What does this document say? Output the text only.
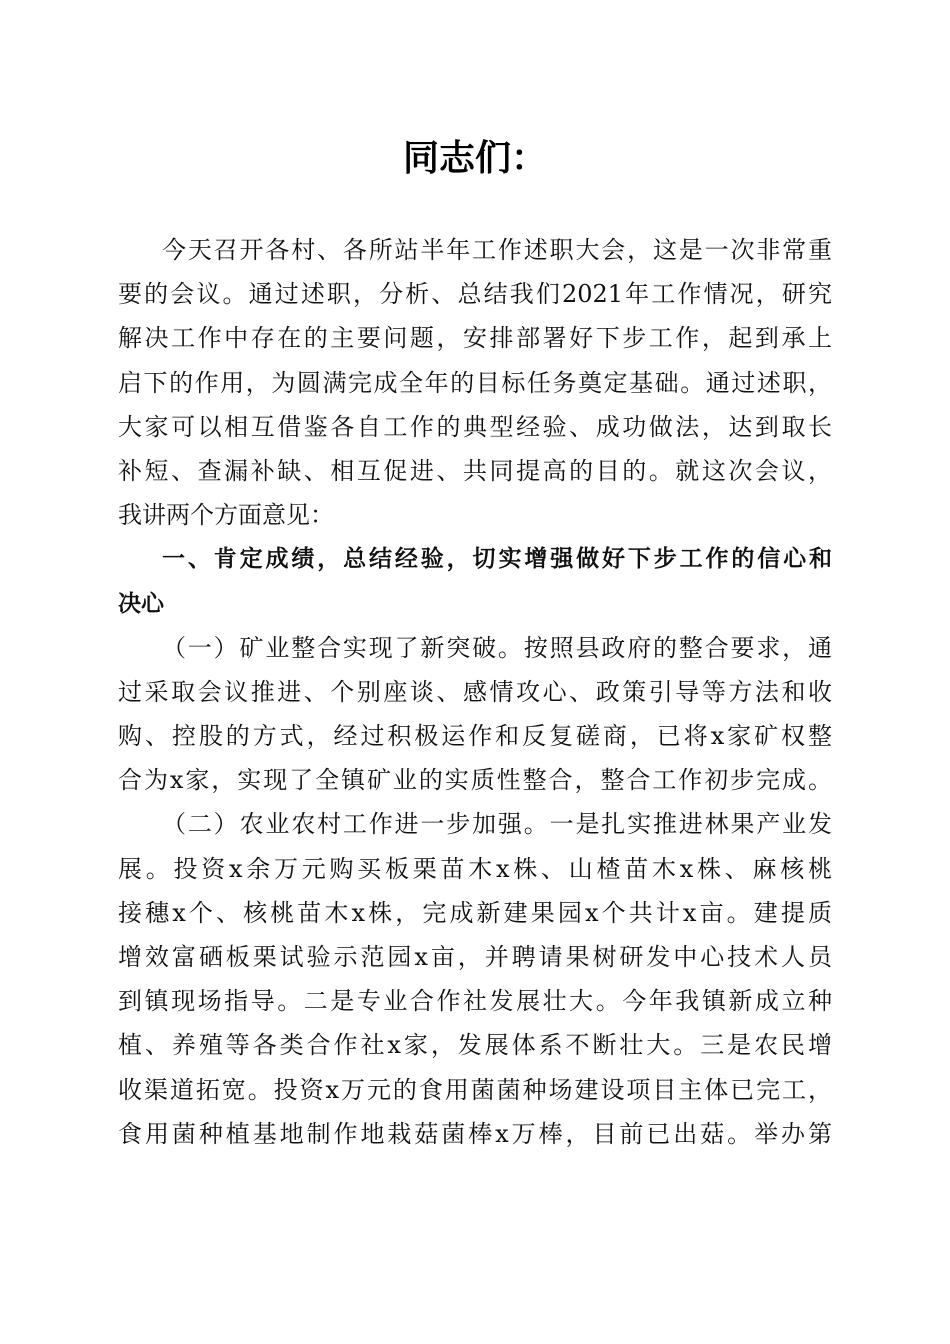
同志们：
今天召开各村、各所站半年工作述职大会，这是一次非常重
要的会议。通过述职，分析、总结我们2021年工作情况，研究
解决工作中存在的主要问题，安排部署好下步工作，起到承上
启下的作用，为圆满完成全年的目标任务奠定基础。通过述职，
大家可以相互借鉴各自工作的典型经验、成功做法，达到取长
补短、查漏补缺、相互促进、共同提高的目的。就这次会议，
我讲两个方面意见：
一、肯定成绩，总结经验，切实增强做好下步工作的信心和
决心
（一）矿业整合实现了新突破。按照县政府的整合要求，通
过采取会议推进、个别座谈、感情攻心、政策引导等方法和收
购、控股的方式，经过积极运作和反复磋商，已将x家矿权整
合为x家，实现了全镇矿业的实质性整合，整合工作初步完成。
（二）农业农村工作进一步加强。一是扎实推进林果产业发
展。投资x余万元购买板栗苗木x株、山楂苗木x株、麻核桃
接穗x个、核桃苗木x株，完成新建果园x个共计x亩。建提质
增效富硒板栗试验示范园x亩，并聘请果树研发中心技术人员
到镇现场指导。二是专业合作社发展壮大。今年我镇新成立种
植、养殖等各类合作社x家，发展体系不断壮大。三是农民增
收渠道拓宽。投资x万元的食用菌菌种场建设项目主体已完工，
食用菌种植基地制作地栽菇菌棒x万棒，目前已出菇。举办第
